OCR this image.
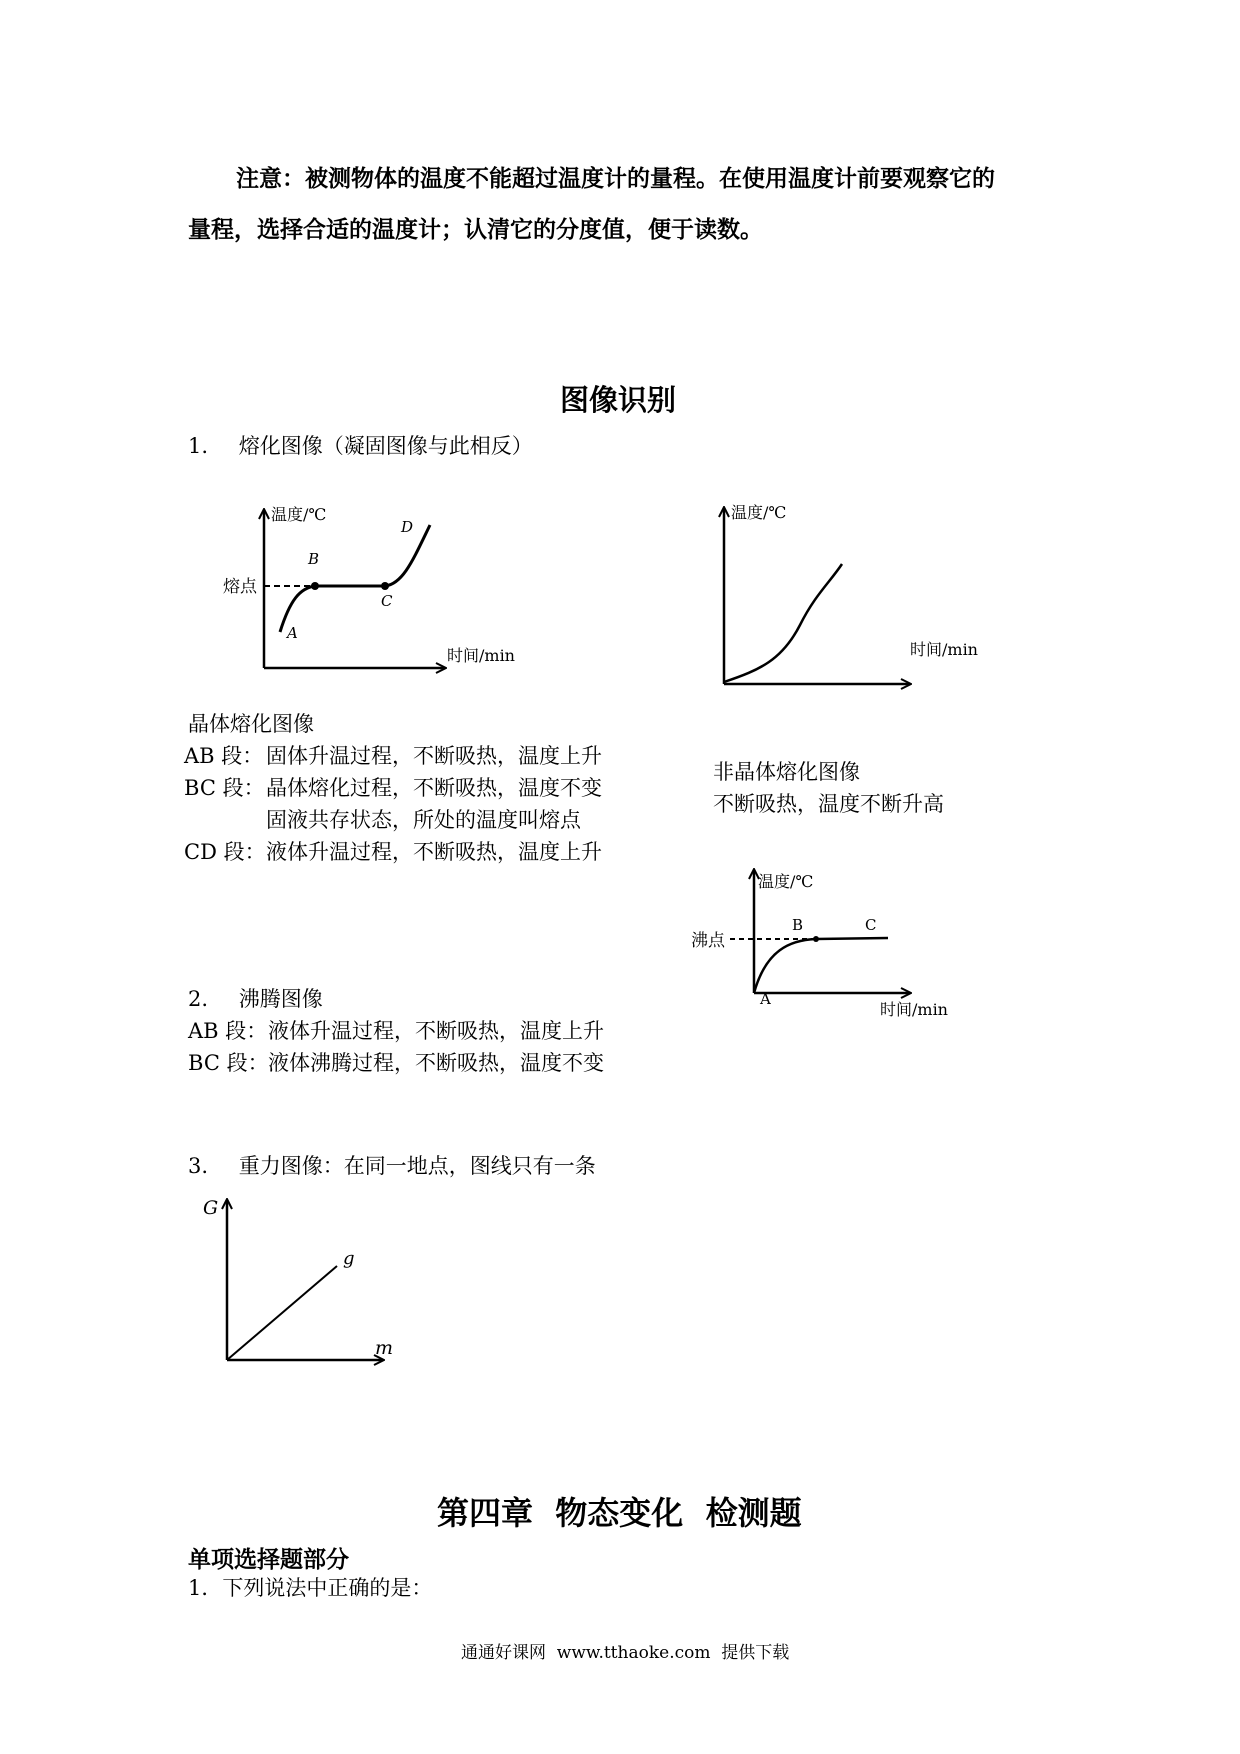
注意：被测物体的温度不能超过温度计的量程。在使用温度计前要观察它的

量程，选择合适的温度计；认清它的分度值，便于读数。

图像识别
1. 熔化图像（凝固图像与此相反）
温度/℃
时间/min
熔点
A
B
C
D
温度/℃
时间/min

晶体熔化图像

AB 段： 固体升温过程，不断吸热，温度上升
BC 段： 晶体熔化过程，不断吸热，温度不变
固液共存状态，所处的温度叫熔点
CD 段： 液体升温过程，不断吸热，温度上升

非晶体熔化图像

不断吸热，温度不断升高

温度/℃
时间/min
沸点
A
B	C
2. 沸腾图像
AB 段： 液体升温过程，不断吸热，温度上升
BC 段： 液体沸腾过程，不断吸热，温度不变
3. 重力图像：在同一地点，图线只有一条
G
m
g
第四章  物态变化  检测题

单项选择题部分

1．下列说法中正确的是：

通通好课网  www.tthaoke.com  提供下载
